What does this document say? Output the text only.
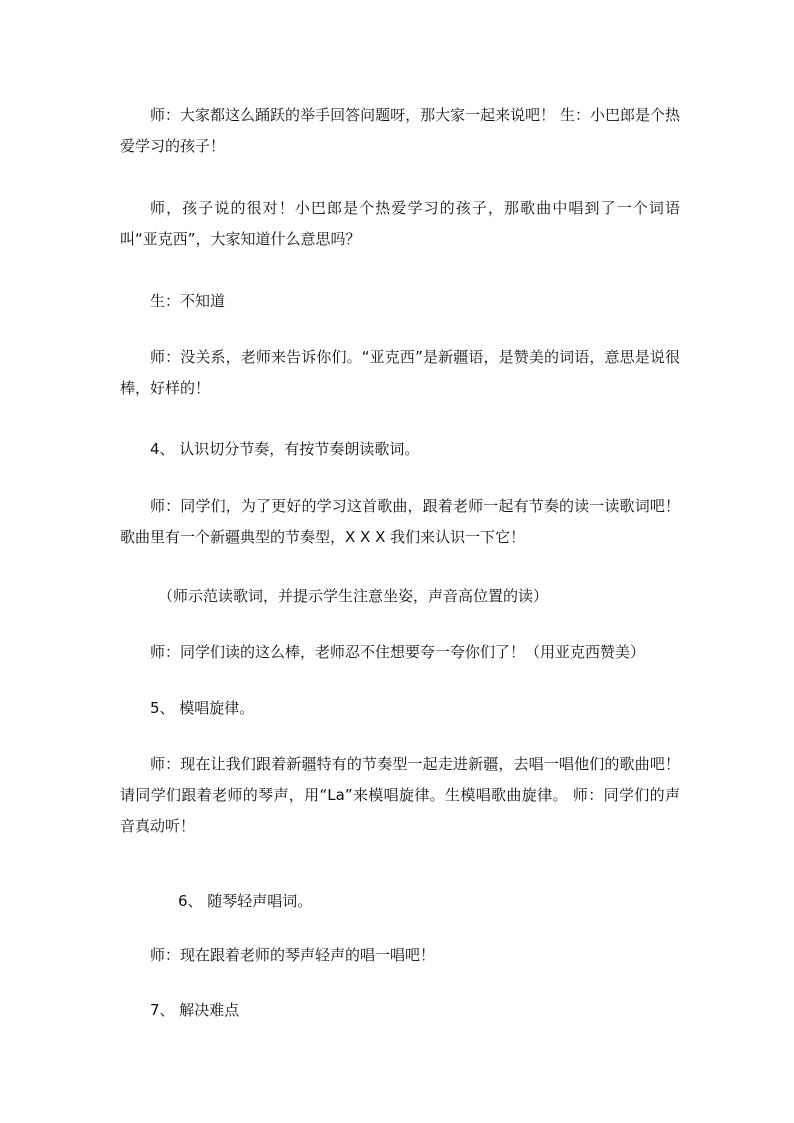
师：大家都这么踊跃的举手回答问题呀，那大家一起来说吧！ 生：小巴郎是个热爱学习的孩子！

师，孩子说的很对！小巴郎是个热爱学习的孩子，那歌曲中唱到了一个词语叫“亚克西”，大家知道什么意思吗？

生：不知道

师：没关系，老师来告诉你们。“亚克西”是新疆语，是赞美的词语，意思是说很棒，好样的！

4、 认识切分节奏，有按节奏朗读歌词。

师：同学们，为了更好的学习这首歌曲，跟着老师一起有节奏的读一读歌词吧！歌曲里有一个新疆典型的节奏型，X X X 我们来认识一下它！

（师示范读歌词，并提示学生注意坐姿，声音高位置的读）

师：同学们读的这么棒，老师忍不住想要夸一夸你们了！（用亚克西赞美）

5、 模唱旋律。

师：现在让我们跟着新疆特有的节奏型一起走进新疆，去唱一唱他们的歌曲吧！请同学们跟着老师的琴声，用“La”来模唱旋律。生模唱歌曲旋律。 师：同学们的声音真动听！

6、 随琴轻声唱词。

师：现在跟着老师的琴声轻声的唱一唱吧！

7、 解决难点
